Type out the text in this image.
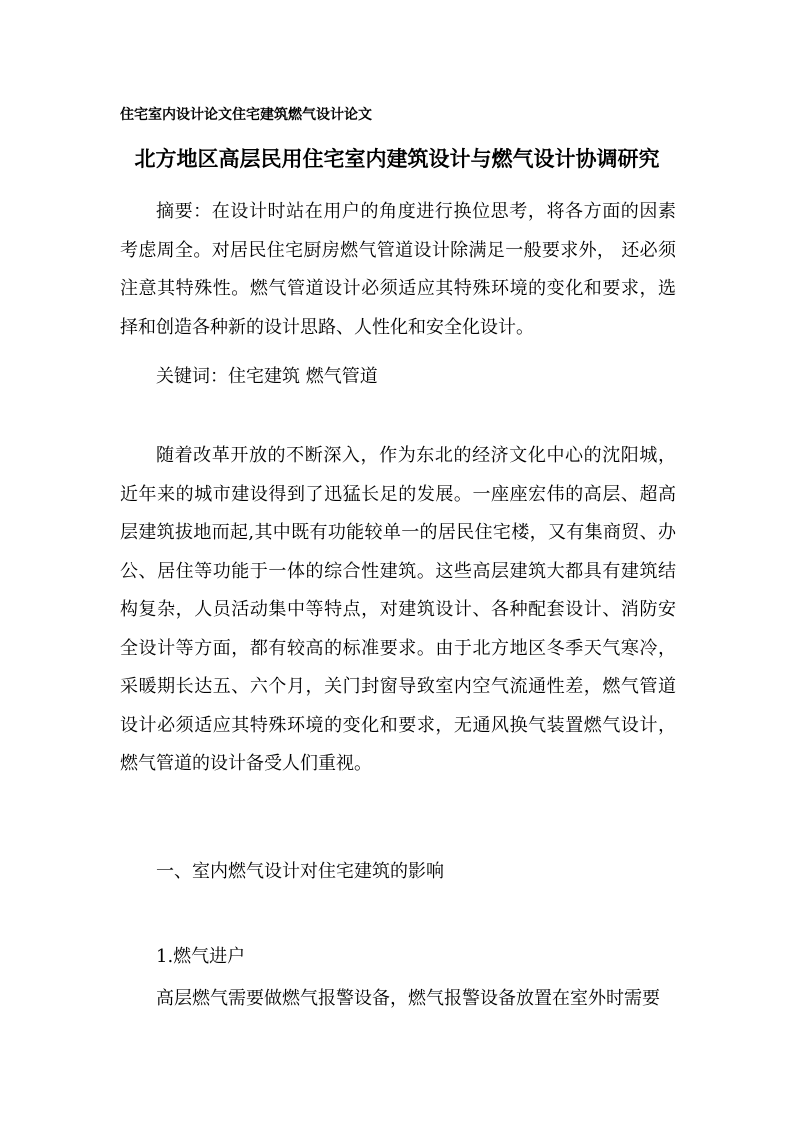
住宅室内设计论文住宅建筑燃气设计论文
北方地区高层民用住宅室内建筑设计与燃气设计协调研究

摘要：在设计时站在用户的角度进行换位思考，将各方面的因素考虑周全。对居民住宅厨房燃气管道设计除满足一般要求外， 还必须注意其特殊性。燃气管道设计必须适应其特殊环境的变化和要求，选择和创造各种新的设计思路、人性化和安全化设计。

关键词：住宅建筑 燃气管道

随着改革开放的不断深入，作为东北的经济文化中心的沈阳城，近年来的城市建设得到了迅猛长足的发展。一座座宏伟的高层、超高层建筑拔地而起,其中既有功能较单一的居民住宅楼，又有集商贸、办公、居住等功能于一体的综合性建筑。这些高层建筑大都具有建筑结构复杂，人员活动集中等特点，对建筑设计、各种配套设计、消防安全设计等方面，都有较高的标准要求。由于北方地区冬季天气寒冷，采暖期长达五、六个月，关门封窗导致室内空气流通性差，燃气管道设计必须适应其特殊环境的变化和要求，无通风换气装置燃气设计，燃气管道的设计备受人们重视。

一、室内燃气设计对住宅建筑的影响

1.燃气进户

高层燃气需要做燃气报警设备，燃气报警设备放置在室外时需要
